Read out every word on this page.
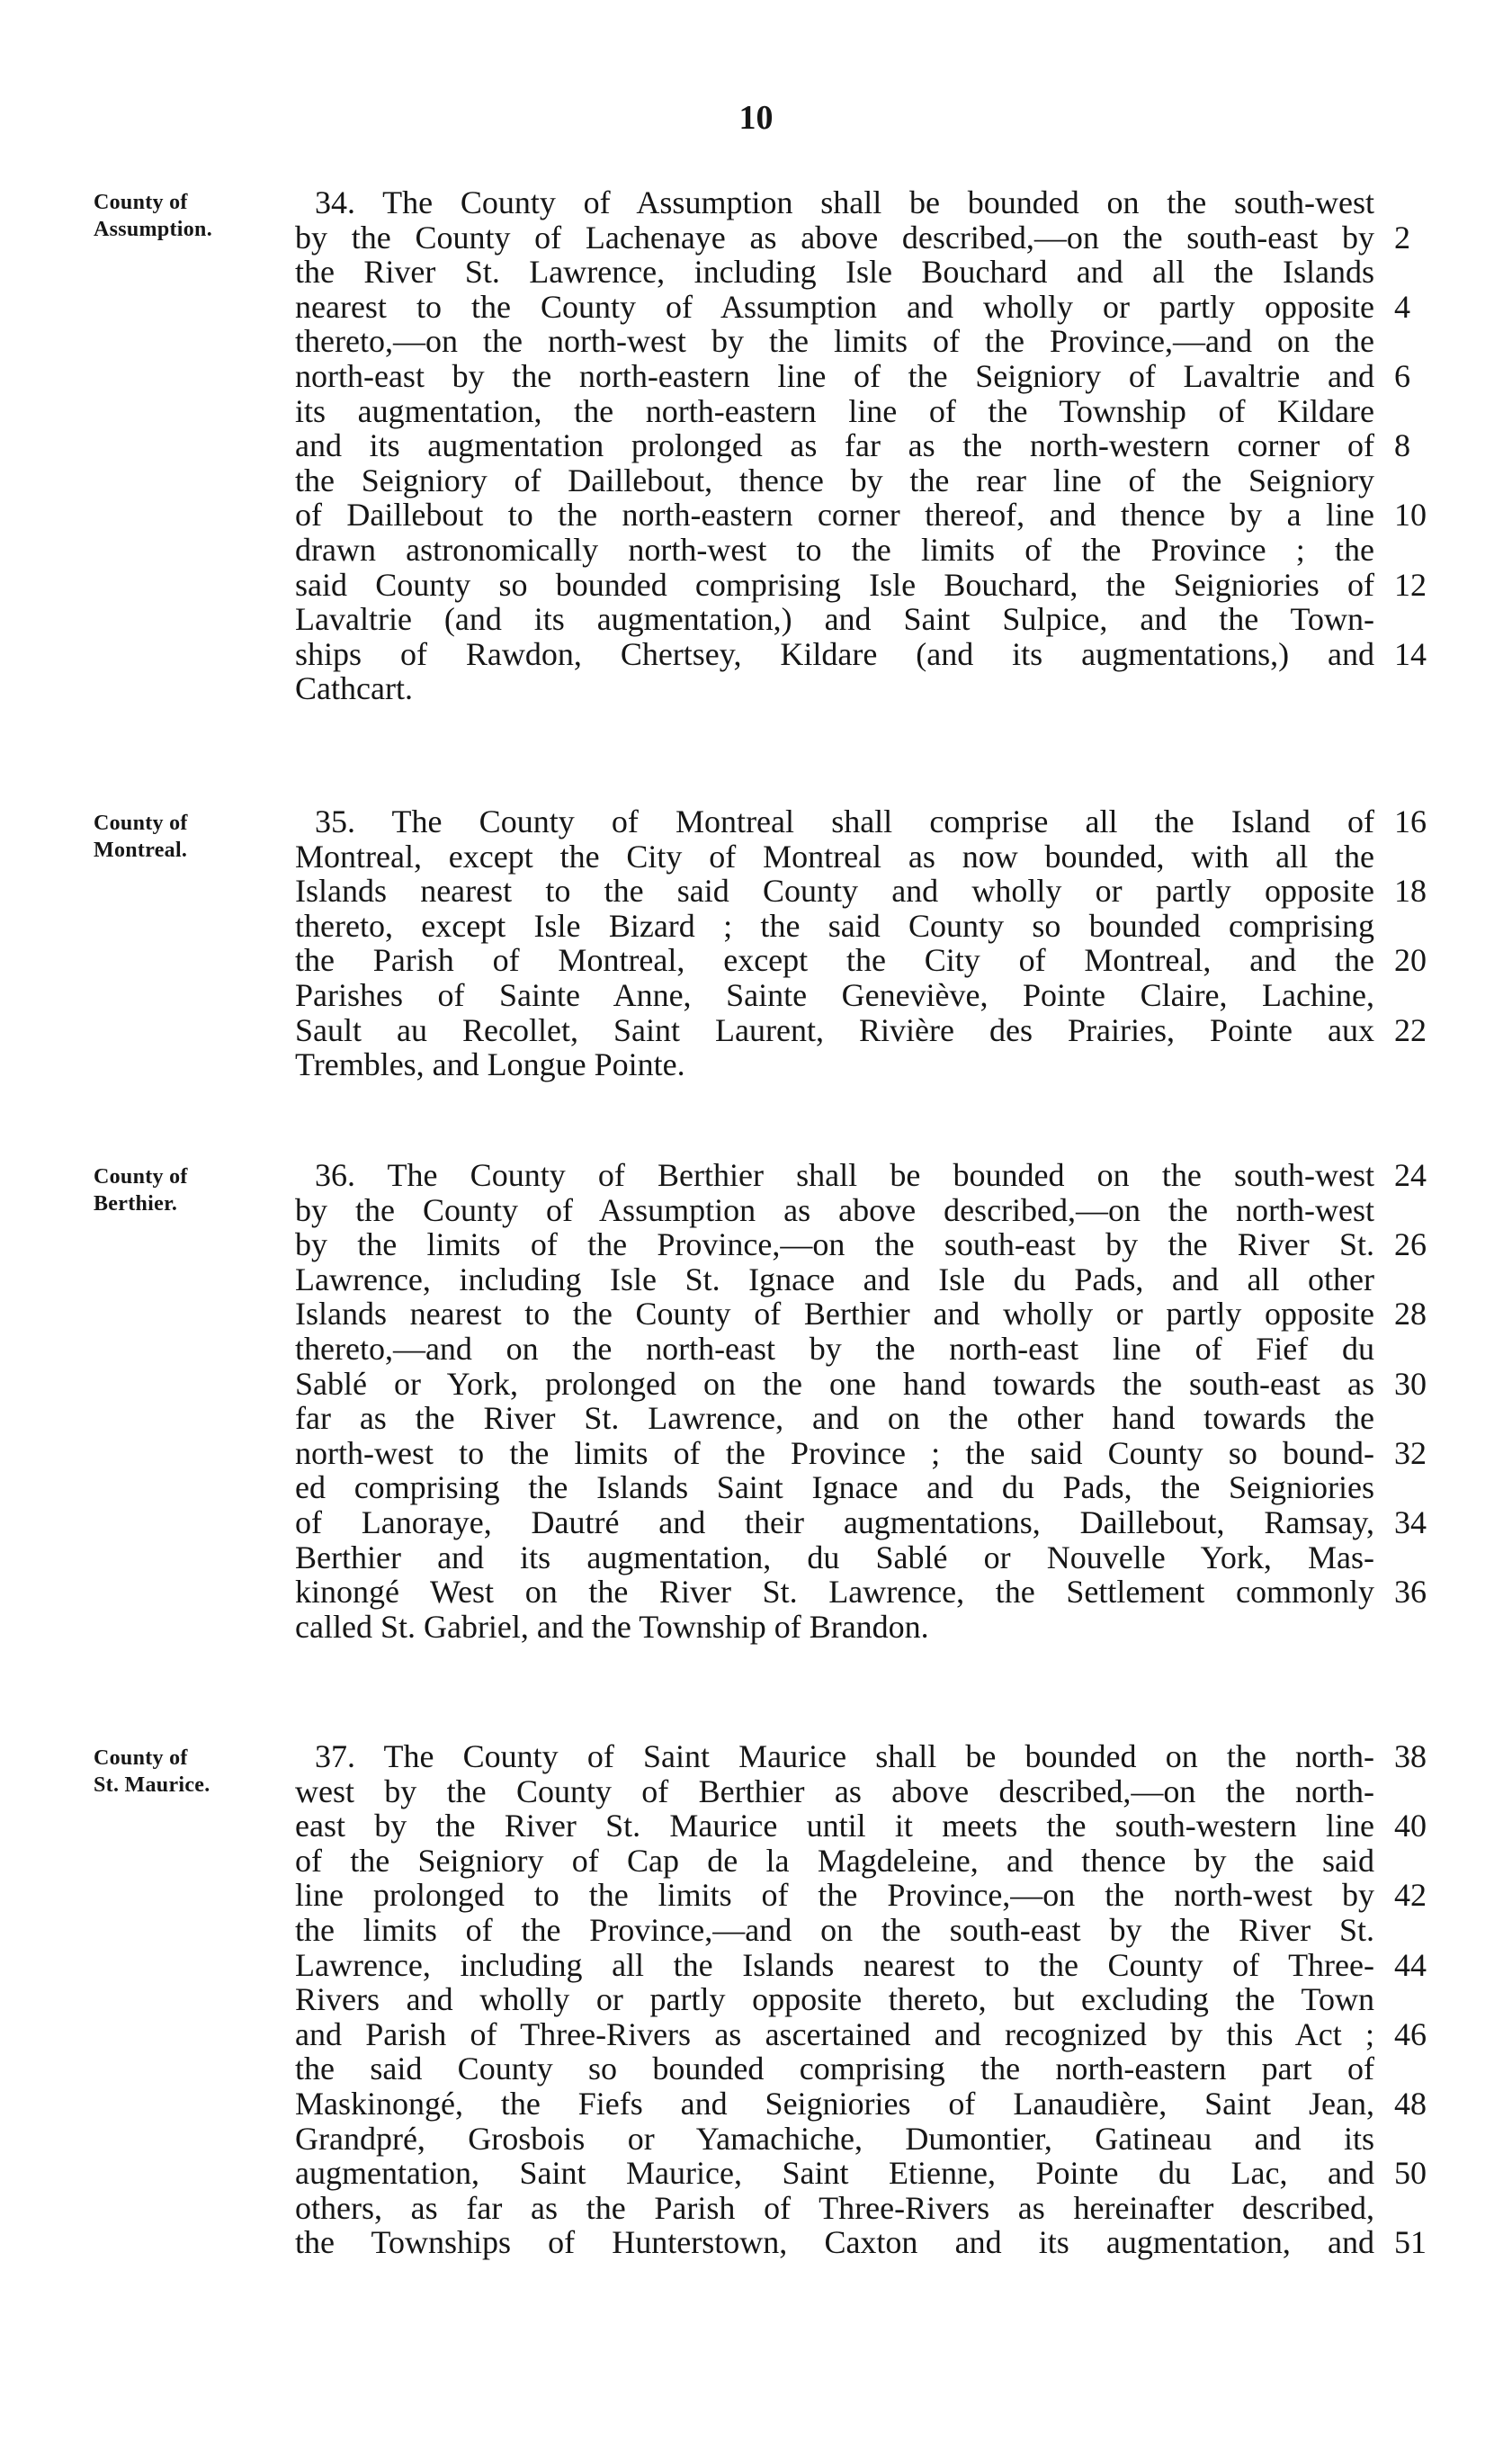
10
County of
Assumption.
34. The County of Assumption shall be bounded on the south-west
by the County of Lachenaye as above described,—on the south-east by 2
the River St. Lawrence, including Isle Bouchard and all the Islands
nearest to the County of Assumption and wholly or partly opposite 4
thereto,—on the north-west by the limits of the Province,—and on the
north-east by the north-eastern line of the Seigniory of Lavaltrie and 6
its augmentation, the north-eastern line of the Township of Kildare
and its augmentation prolonged as far as the north-western corner of 8
the Seigniory of Daillebout, thence by the rear line of the Seigniory
of Daillebout to the north-eastern corner thereof, and thence by a line 10
drawn astronomically north-west to the limits of the Province ; the
said County so bounded comprising Isle Bouchard, the Seigniories of 12
Lavaltrie (and its augmentation,) and Saint Sulpice, and the Town-
ships of Rawdon, Chertsey, Kildare (and its augmentations,) and 14
Cathcart.
County of
Montreal.
35. The County of Montreal shall comprise all the Island of 16
Montreal, except the City of Montreal as now bounded, with all the
Islands nearest to the said County and wholly or partly opposite 18
thereto, except Isle Bizard ; the said County so bounded comprising
the Parish of Montreal, except the City of Montreal, and the 20
Parishes of Sainte Anne, Sainte Geneviève, Pointe Claire, Lachine,
Sault au Recollet, Saint Laurent, Rivière des Prairies, Pointe aux 22
Trembles, and Longue Pointe.
County of
Berthier.
36. The County of Berthier shall be bounded on the south-west 24
by the County of Assumption as above described,—on the north-west
by the limits of the Province,—on the south-east by the River St. 26
Lawrence, including Isle St. Ignace and Isle du Pads, and all other
Islands nearest to the County of Berthier and wholly or partly opposite 28
thereto,—and on the north-east by the north-east line of Fief du
Sablé or York, prolonged on the one hand towards the south-east as 30
far as the River St. Lawrence, and on the other hand towards the
north-west to the limits of the Province ; the said County so bound- 32
ed comprising the Islands Saint Ignace and du Pads, the Seigniories
of Lanoraye, Dautré and their augmentations, Daillebout, Ramsay, 34
Berthier and its augmentation, du Sablé or Nouvelle York, Mas-
kinongé West on the River St. Lawrence, the Settlement commonly 36
called St. Gabriel, and the Township of Brandon.
County of
St. Maurice.
37. The County of Saint Maurice shall be bounded on the north- 38
west by the County of Berthier as above described,—on the north-
east by the River St. Maurice until it meets the south-western line 40
of the Seigniory of Cap de la Magdeleine, and thence by the said
line prolonged to the limits of the Province,—on the north-west by 42
the limits of the Province,—and on the south-east by the River St.
Lawrence, including all the Islands nearest to the County of Three- 44
Rivers and wholly or partly opposite thereto, but excluding the Town
and Parish of Three-Rivers as ascertained and recognized by this Act ; 46
the said County so bounded comprising the north-eastern part of
Maskinongé, the Fiefs and Seigniories of Lanaudière, Saint Jean, 48
Grandpré, Grosbois or Yamachiche, Dumontier, Gatineau and its
augmentation, Saint Maurice, Saint Etienne, Pointe du Lac, and 50
others, as far as the Parish of Three-Rivers as hereinafter described,
the Townships of Hunterstown, Caxton and its augmentation, and 51
